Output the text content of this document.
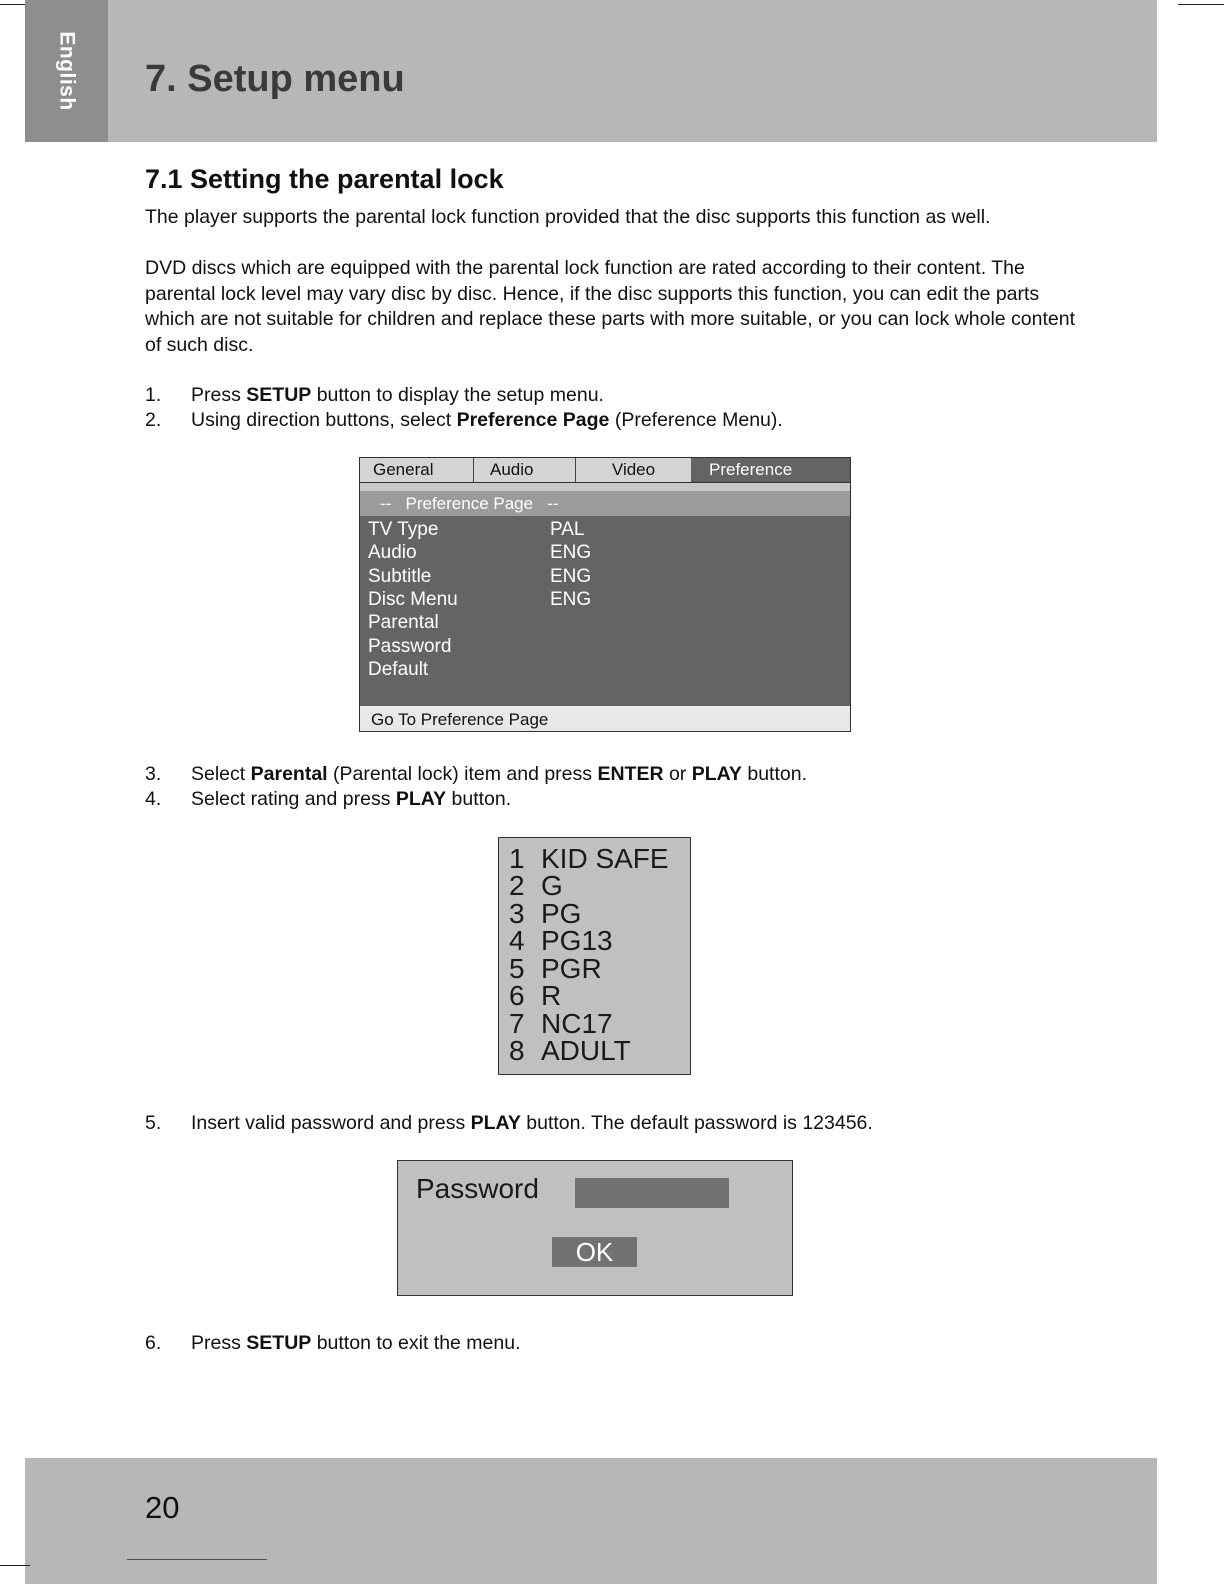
English 7. Setup menu
7.1 Setting the parental lock
The player supports the parental lock function provided that the disc supports this function as well.
DVD discs which are equipped with the parental lock function are rated according to their content. The parental lock level may vary disc by disc. Hence, if the disc supports this function, you can edit the parts which are not suitable for children and replace these parts with more suitable, or you can lock whole content of such disc.
1. Press SETUP button to display the setup menu.
2. Using direction buttons, select Preference Page (Preference Menu).
General	Audio	Video	Preference
--   Preference Page   --
TV Type	PAL
Audio	ENG
Subtitle	ENG
Disc Menu	ENG
Parental
Password
Default
Go To Preference Page
3. Select Parental (Parental lock) item and press ENTER or PLAY button.
4. Select rating and press PLAY button.
1 KID SAFE
2 G
3 PG
4 PG13
5 PGR
6 R
7 NC17
8 ADULT
5. Insert valid password and press PLAY button. The default password is 123456.
Password
OK
6. Press SETUP button to exit the menu.
20
